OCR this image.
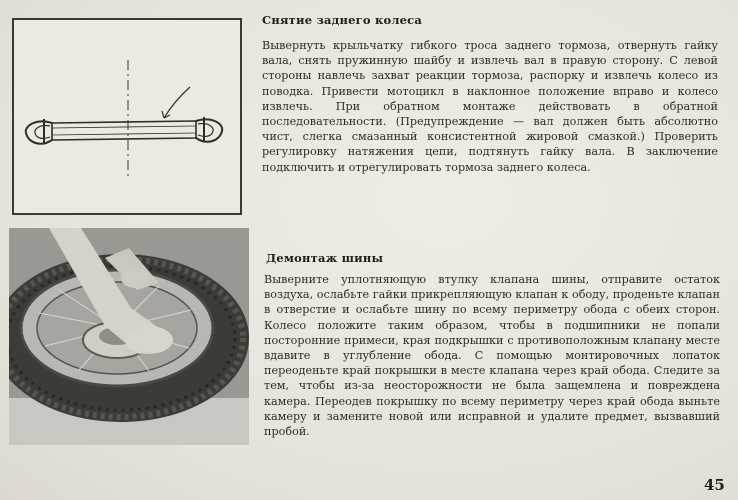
Снятие заднего колеса
Вывернуть крыльчатку гибкого троса заднего тормоза, отвернуть гайку вала, снять пружинную шайбу и извлечь вал в правую сторону. С левой стороны навлечь захват реакции тормоза, распорку и извлечь колесо из поводка. Привести мотоцикл в наклонное положение вправо и колесо извлечь. При обратном монтаже действовать в обратной последовательности. (Предупреждение — вал должен быть абсолютно чист, слегка смазанный консистентной жировой смазкой.) Проверить регулировку натяжения цепи, подтянуть гайку вала. В заключение подключить и отрегулировать тормоза заднего колеса.
Демонтаж шины
Выверните уплотняющую втулку клапана шины, отправите остаток воздуха, ослабьте гайки прикрепляющую клапан к ободу, проденьте клапан в отверстие и ослабьте шину по всему периметру обода с обеих сторон. Колесо положите таким образом, чтобы в подшипники не попали посторонние примеси, края подкрышки с противоположным клапану месте вдавите в углубление обода. С помощью монтировочных лопаток переоденьте край покрышки в месте клапана через край обода. Следите за тем, чтобы из-за неосторожности не была защемлена и повреждена камера. Переодев покрышку по всему периметру через край обода выньте камеру и замените новой или исправной и удалите предмет, вызвавший пробой.
45
